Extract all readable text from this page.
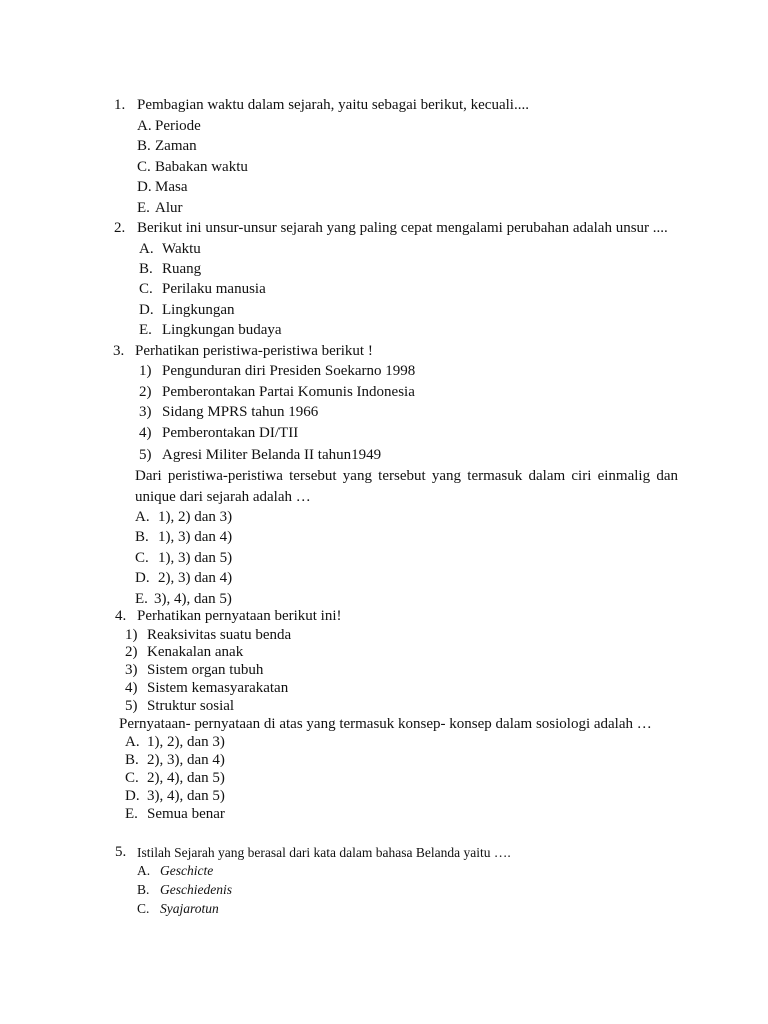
1. Pembagian waktu dalam sejarah, yaitu sebagai berikut, kecuali....
A. Periode
B. Zaman
C. Babakan waktu
D. Masa
E. Alur
2. Berikut ini unsur-unsur sejarah yang paling cepat mengalami perubahan adalah unsur ....
A. Waktu
B. Ruang
C. Perilaku manusia
D. Lingkungan
E. Lingkungan budaya
3. Perhatikan peristiwa-peristiwa berikut !
1) Pengunduran diri Presiden Soekarno 1998
2) Pemberontakan Partai Komunis Indonesia
3) Sidang MPRS tahun 1966
4) Pemberontakan DI/TII
5) Agresi Militer Belanda II tahun1949
Dari peristiwa-peristiwa tersebut yang tersebut yang termasuk dalam ciri einmalig dan
unique dari sejarah adalah …
A. 1), 2) dan 3)
B. 1), 3) dan 4)
C. 1), 3) dan 5)
D. 2), 3) dan 4)
E. 3), 4), dan 5)
4. Perhatikan pernyataan berikut ini!
1) Reaksivitas suatu benda
2) Kenakalan anak
3) Sistem organ tubuh
4) Sistem kemasyarakatan
5) Struktur sosial
Pernyataan- pernyataan di atas yang termasuk konsep- konsep dalam sosiologi adalah …
A. 1), 2), dan 3)
B. 2), 3), dan 4)
C. 2), 4), dan 5)
D. 3), 4), dan 5)
E. Semua benar
5. Istilah Sejarah yang berasal dari kata dalam bahasa Belanda yaitu ….
A. Geschicte
B. Geschiedenis
C. Syajarotun
